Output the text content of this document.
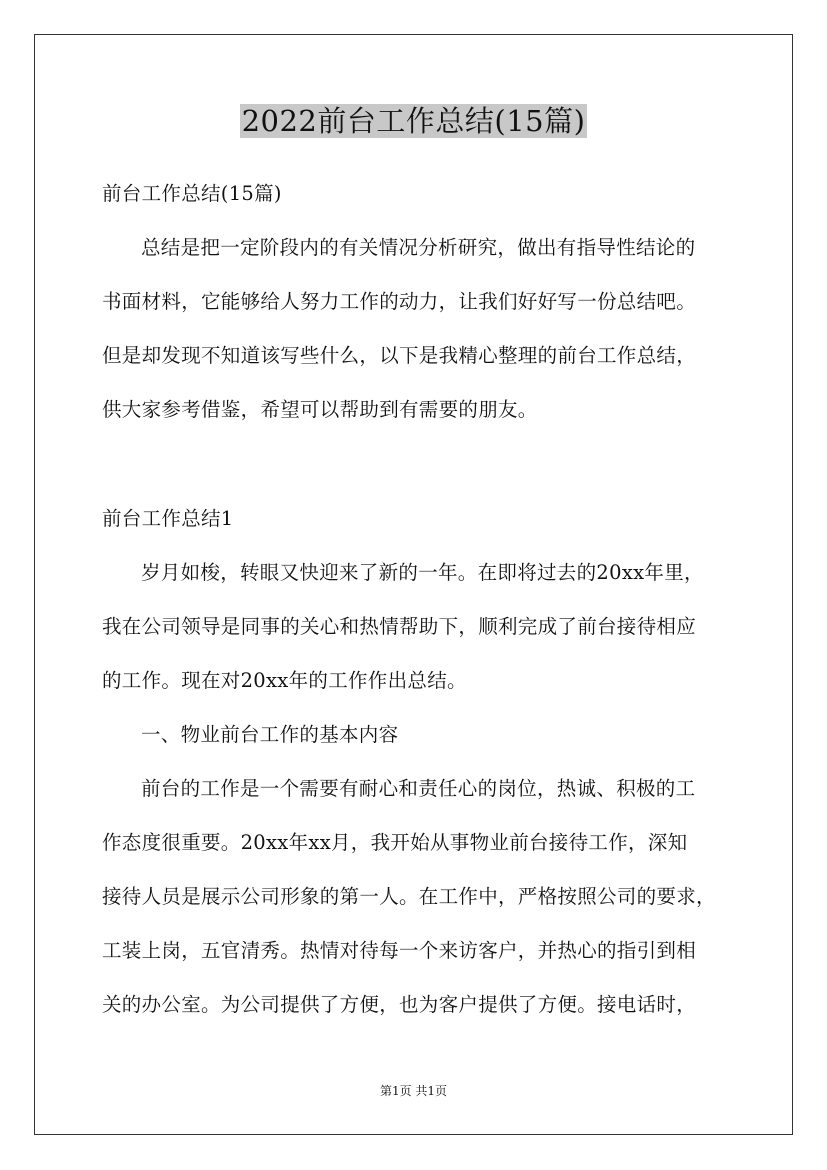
2022前台工作总结(15篇)
前台工作总结(15篇)
总结是把一定阶段内的有关情况分析研究，做出有指导性结论的
书面材料，它能够给人努力工作的动力，让我们好好写一份总结吧。
但是却发现不知道该写些什么，以下是我精心整理的前台工作总结，
供大家参考借鉴，希望可以帮助到有需要的朋友。
前台工作总结1
岁月如梭，转眼又快迎来了新的一年。在即将过去的20xx年里，
我在公司领导是同事的关心和热情帮助下，顺利完成了前台接待相应
的工作。现在对20xx年的工作作出总结。
一、物业前台工作的基本内容
前台的工作是一个需要有耐心和责任心的岗位，热诚、积极的工
作态度很重要。20xx年xx月，我开始从事物业前台接待工作，深知
接待人员是展示公司形象的第一人。在工作中，严格按照公司的要求，
工装上岗，五官清秀。热情对待每一个来访客户，并热心的指引到相
关的办公室。为公司提供了方便，也为客户提供了方便。接电话时，
第1页 共1页
